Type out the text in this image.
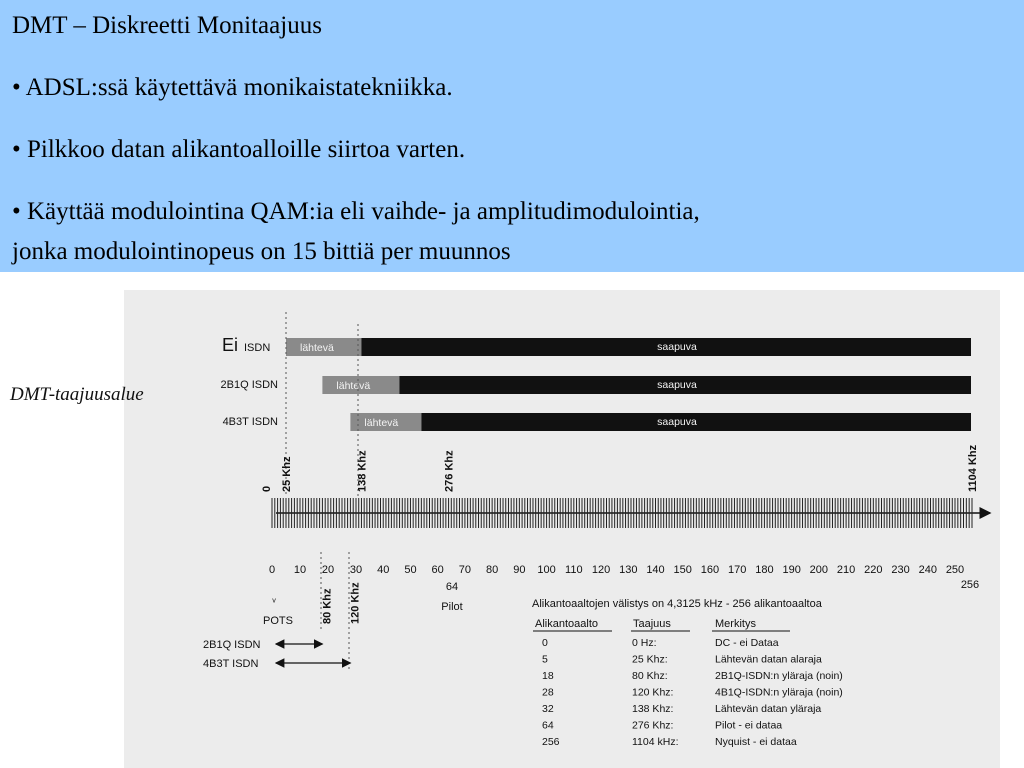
DMT – Diskreetti Monitaajuus
• ADSL:ssä käytettävä monikaistatekniikka.
• Pilkkoo datan alikantoalloille siirtoa varten.
• Käyttää modulointina QAM:ia eli vaihde- ja amplitudimodulointia,
jonka modulointinopeus on 15 bittiä per muunnos
DMT-taajuusalue
Ei ISDN	lähtevä	saapuva
2B1Q ISDN	lähtevä	saapuva
4B3T ISDN	lähtevä	saapuva
0 25 Khz	138 Khz	276 Khz	1104 Khz
0 10 20 30 40 50 60 70 80 90 100 110 120 130 140 150 160 170 180 190 200 210 220 230 240 250
256
64
Pilot
ᵥ
POTS	80 Khz 120 Khz
2B1Q ISDN
4B3T ISDN
Alikantoaaltojen välistys on 4,3125 kHz - 256 alikantoaaltoa
Alikantoaalto	Taajuus	Merkitys
0	0 Hz:	DC - ei Dataa
5	25 Khz:	Lähtevän datan alaraja
18	80 Khz:	2B1Q-ISDN:n yläraja (noin)
28	120 Khz:	4B1Q-ISDN:n yläraja (noin)
32	138 Khz:	Lähtevän datan yläraja
64	276 Khz:	Pilot - ei dataa
256	1104 kHz:	Nyquist - ei dataa
